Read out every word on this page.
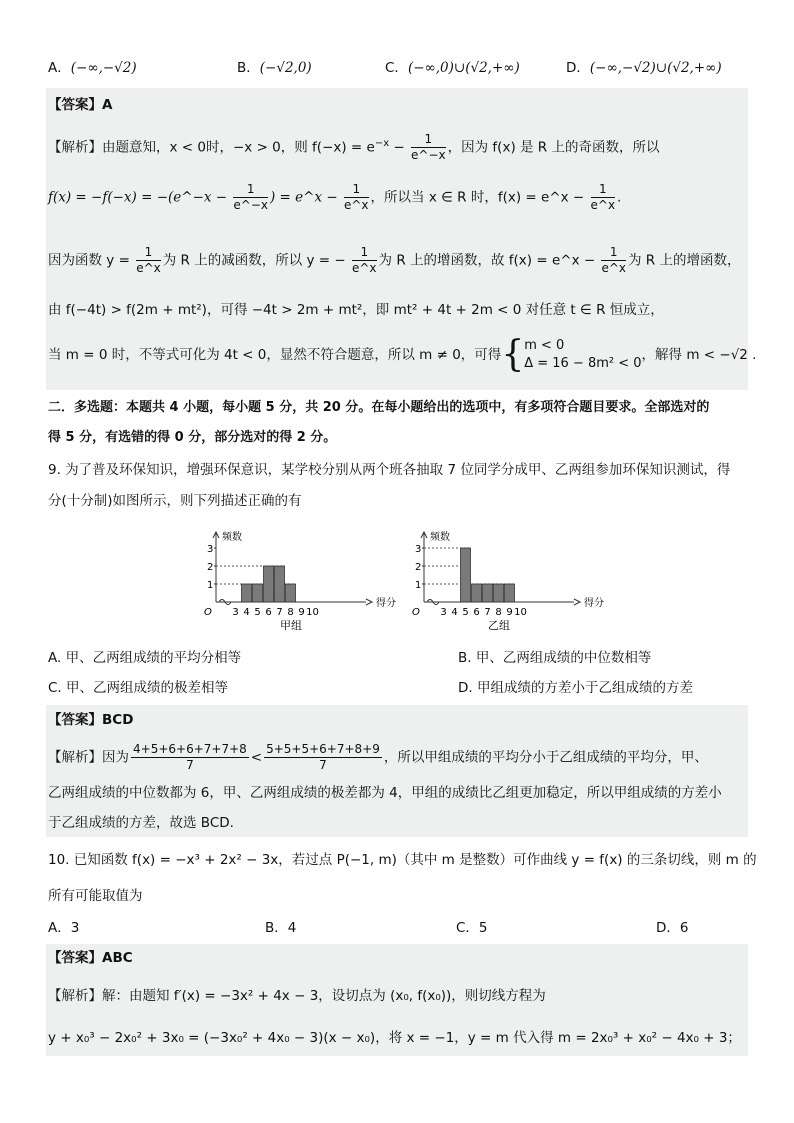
A．(−∞,−√2)	B．(−√2,0)	C．(−∞,0)∪(√2,+∞)	D．(−∞,−√2)∪(√2,+∞)
【答案】A
【解析】由题意知，x < 0时，−x > 0，则 $f(-x) = e^{-x} - \frac{1}{e\^{}-x}$ ，因为 f(x) 是 R 上的奇函数，所以
f(x) = −f(−x) = −(e^−x − $\frac{1}{e\^{}-x}$ ) = e^x − $\frac{1}{e\^{}x}$ ，所以当 x ∈ R 时，f(x) = e^x − $\frac{1}{e\^{}x}$ .
因为函数 $y = \frac{1}{e\^{}x}$ 为 R 上的减函数，所以 y = − $\frac{1}{e\^{}x}$ 为 R 上的增函数，故 f(x) = e^x − $\frac{1}{e\^{}x}$ 为 R 上的增函数，
由 f(−4t) > f(2m + mt²)，可得 −4t > 2m + mt²，即 mt² + 4t + 2m < 0 对任意 t ∈ R 恒成立，
当 m = 0 时，不等式可化为 4t < 0，显然不符合题意，所以 m ≠ 0，可得{ m < 0
Δ = 16 − 8m² < 0
，解得 m < −√2 .
二．多选题：本题共 4 小题，每小题 5 分，共 20 分。在每小题给出的选项中，有多项符合题目要求。全部选对的
得 5 分，有选错的得 0 分，部分选对的得 2 分。
9. 为了普及环保知识，增强环保意识，某学校分别从两个班各抽取 7 位同学分成甲、乙两组参加环保知识测试，得
分(十分制)如图所示，则下列描述正确的有
频数
得分
O
1
2
3
3 4 5 6 7 8 9 10
甲组
频数
得分
O
1
2
3
3 4 5 6 7 8 9 10
乙组
A. 甲、乙两组成绩的平均分相等	B. 甲、乙两组成绩的中位数相等
C. 甲、乙两组成绩的极差相等	D. 甲组成绩的方差小于乙组成绩的方差
【答案】BCD
【解析】因为 $\frac{4+5+6+6+7+7+8}{7} < \frac{5+5+5+6+7+8+9}{7}$ ，所以甲组成绩的平均分小于乙组成绩的平均分，甲、
乙两组成绩的中位数都为 6，甲、乙两组成绩的极差都为 4，甲组的成绩比乙组更加稳定，所以甲组成绩的方差小
于乙组成绩的方差，故选 BCD.
10. 已知函数 f(x) = −x³ + 2x² − 3x，若过点 P(−1, m)（其中 m 是整数）可作曲线 y = f(x) 的三条切线，则 m 的
所有可能取值为
A．3	B．4	C．5	D．6
【答案】ABC
【解析】解：由题知 f′(x) = −3x² + 4x − 3，设切点为 (x₀, f(x₀))，则切线方程为
y + x₀³ − 2x₀² + 3x₀ = (−3x₀² + 4x₀ − 3)(x − x₀)，将 x = −1，y = m 代入得 m = 2x₀³ + x₀² − 4x₀ + 3；
